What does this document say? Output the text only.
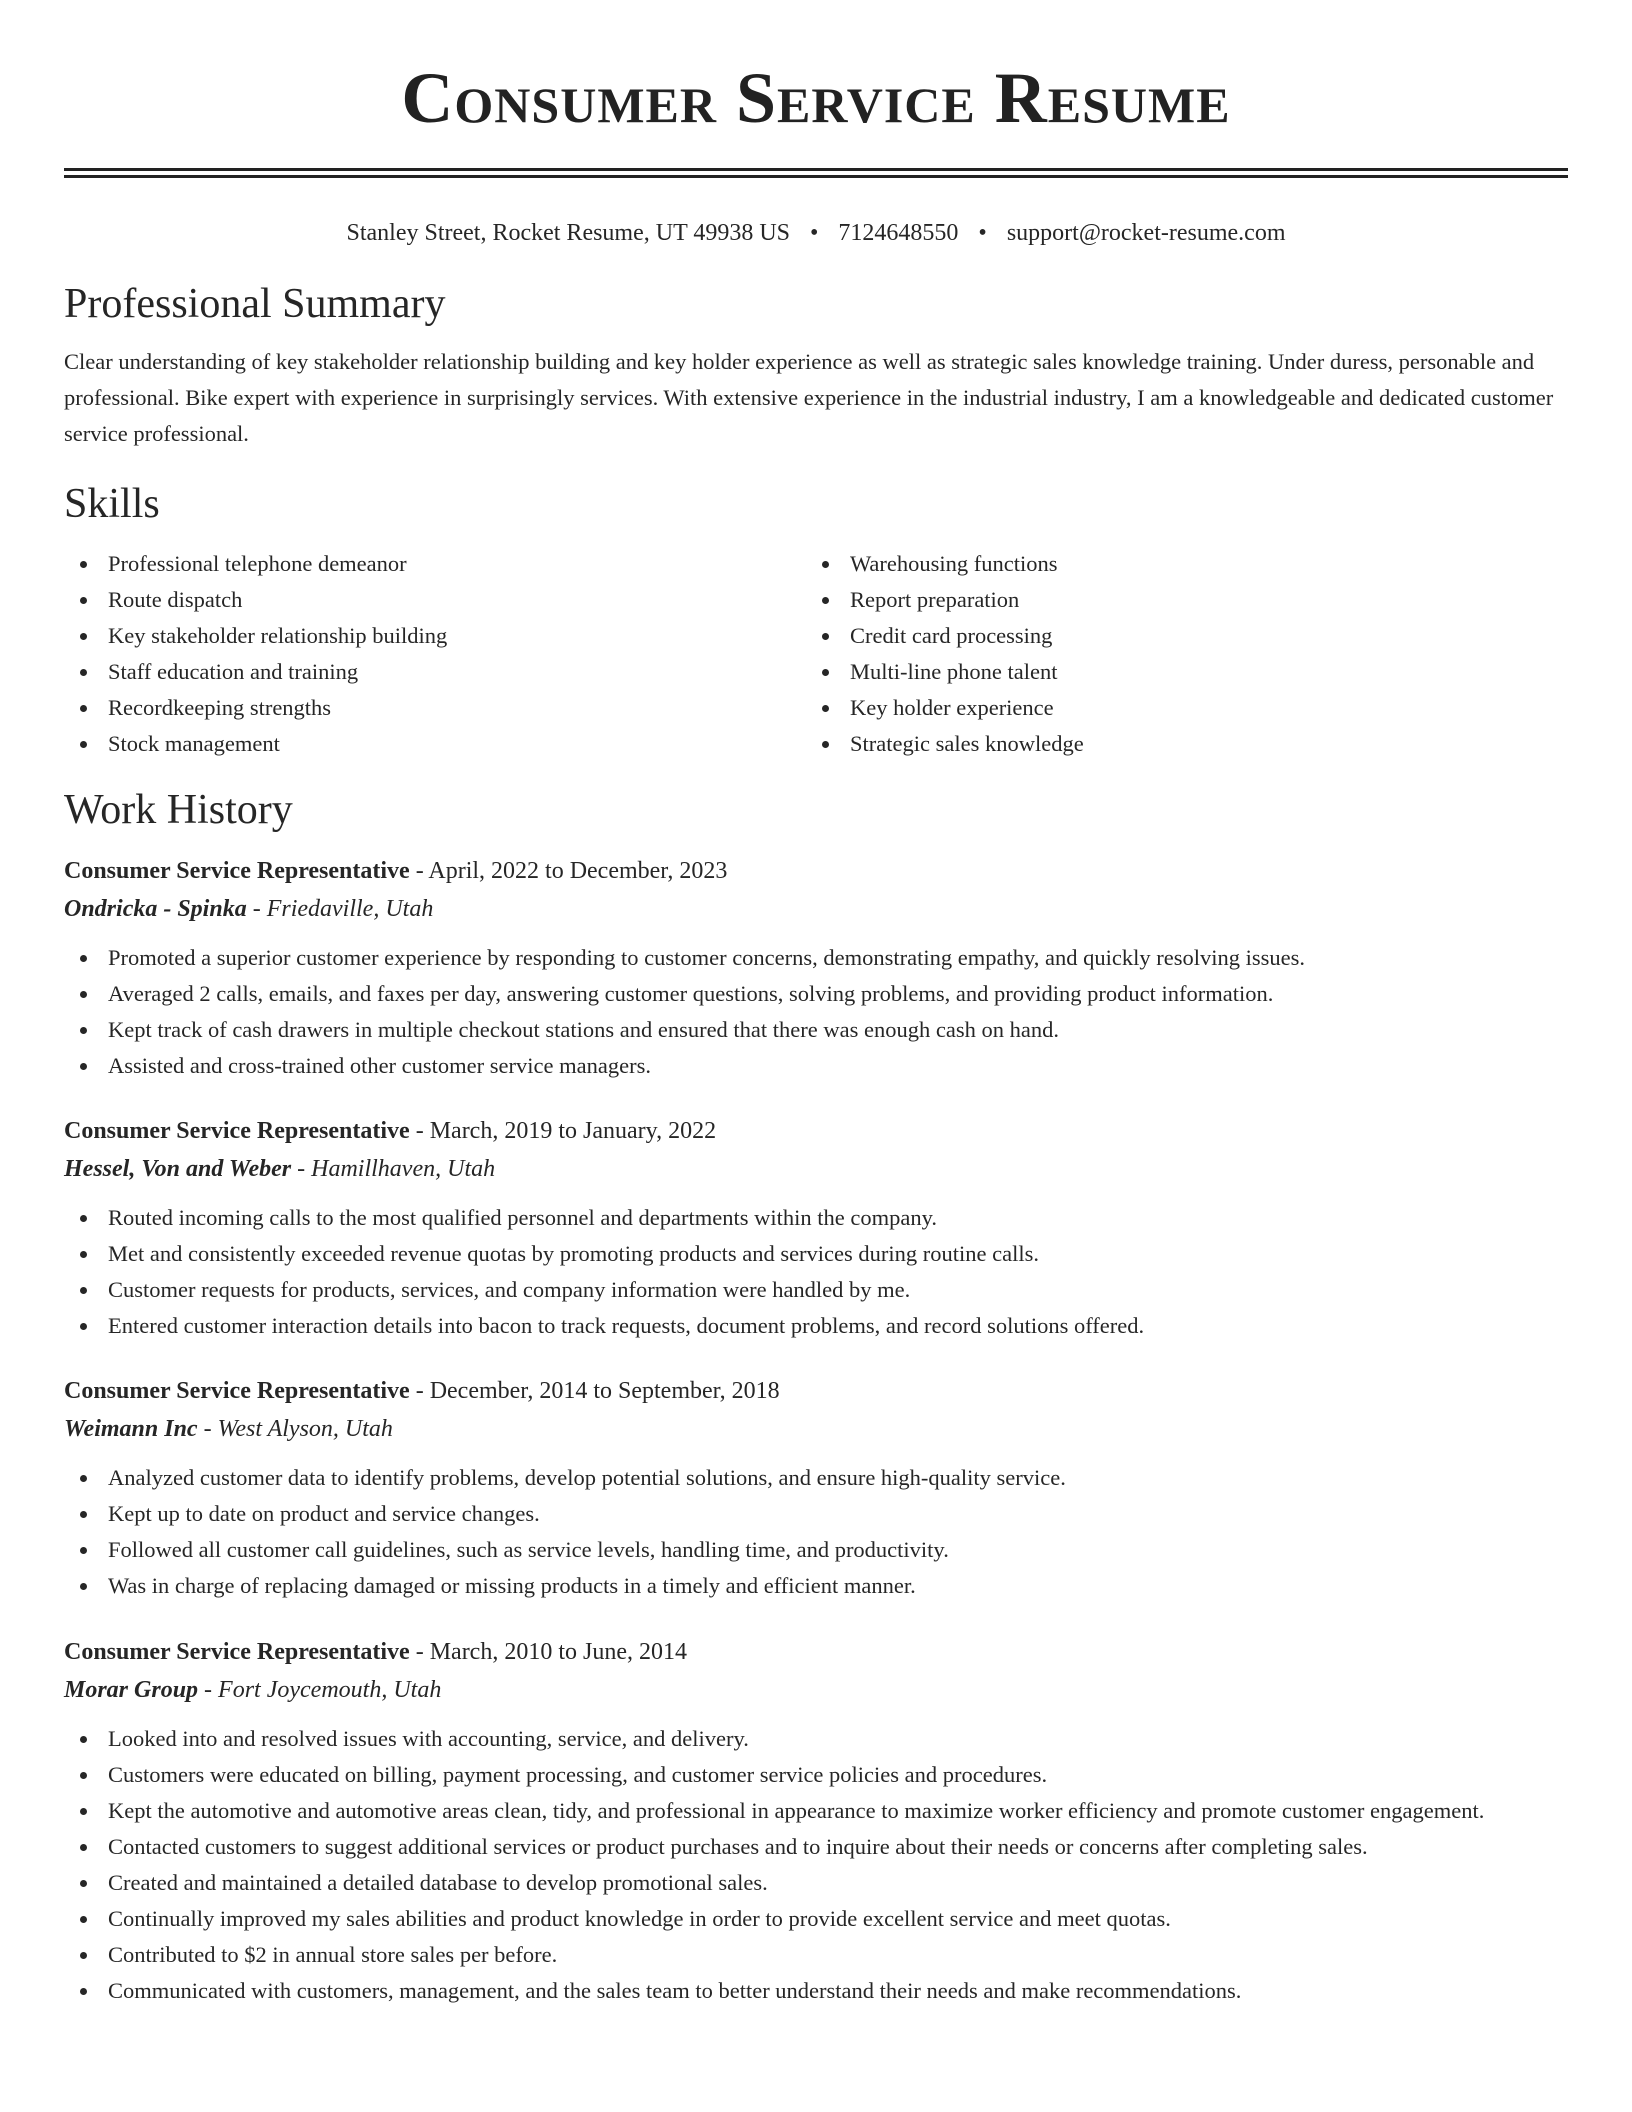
Consumer Service Resume
Stanley Street, Rocket Resume, UT 49938 US • 7124648550 • support@rocket-resume.com
Professional Summary

Clear understanding of key stakeholder relationship building and key holder experience as well as strategic sales knowledge training. Under duress, personable and professional. Bike expert with experience in surprisingly services. With extensive experience in the industrial industry, I am a knowledgeable and dedicated customer service professional.

Skills
Professional telephone demeanor
Route dispatch
Key stakeholder relationship building
Staff education and training
Recordkeeping strengths
Stock management
Warehousing functions
Report preparation
Credit card processing
Multi-line phone talent
Key holder experience
Strategic sales knowledge
Work History
Consumer Service Representative - April, 2022 to December, 2023
Ondricka - Spinka - Friedaville, Utah
Promoted a superior customer experience by responding to customer concerns, demonstrating empathy, and quickly resolving issues.
Averaged 2 calls, emails, and faxes per day, answering customer questions, solving problems, and providing product information.
Kept track of cash drawers in multiple checkout stations and ensured that there was enough cash on hand.
Assisted and cross-trained other customer service managers.
Consumer Service Representative - March, 2019 to January, 2022
Hessel, Von and Weber - Hamillhaven, Utah
Routed incoming calls to the most qualified personnel and departments within the company.
Met and consistently exceeded revenue quotas by promoting products and services during routine calls.
Customer requests for products, services, and company information were handled by me.
Entered customer interaction details into bacon to track requests, document problems, and record solutions offered.
Consumer Service Representative - December, 2014 to September, 2018
Weimann Inc - West Alyson, Utah
Analyzed customer data to identify problems, develop potential solutions, and ensure high-quality service.
Kept up to date on product and service changes.
Followed all customer call guidelines, such as service levels, handling time, and productivity.
Was in charge of replacing damaged or missing products in a timely and efficient manner.
Consumer Service Representative - March, 2010 to June, 2014
Morar Group - Fort Joycemouth, Utah
Looked into and resolved issues with accounting, service, and delivery.
Customers were educated on billing, payment processing, and customer service policies and procedures.
Kept the automotive and automotive areas clean, tidy, and professional in appearance to maximize worker efficiency and promote customer engagement.
Contacted customers to suggest additional services or product purchases and to inquire about their needs or concerns after completing sales.
Created and maintained a detailed database to develop promotional sales.
Continually improved my sales abilities and product knowledge in order to provide excellent service and meet quotas.
Contributed to $2 in annual store sales per before.
Communicated with customers, management, and the sales team to better understand their needs and make recommendations.
